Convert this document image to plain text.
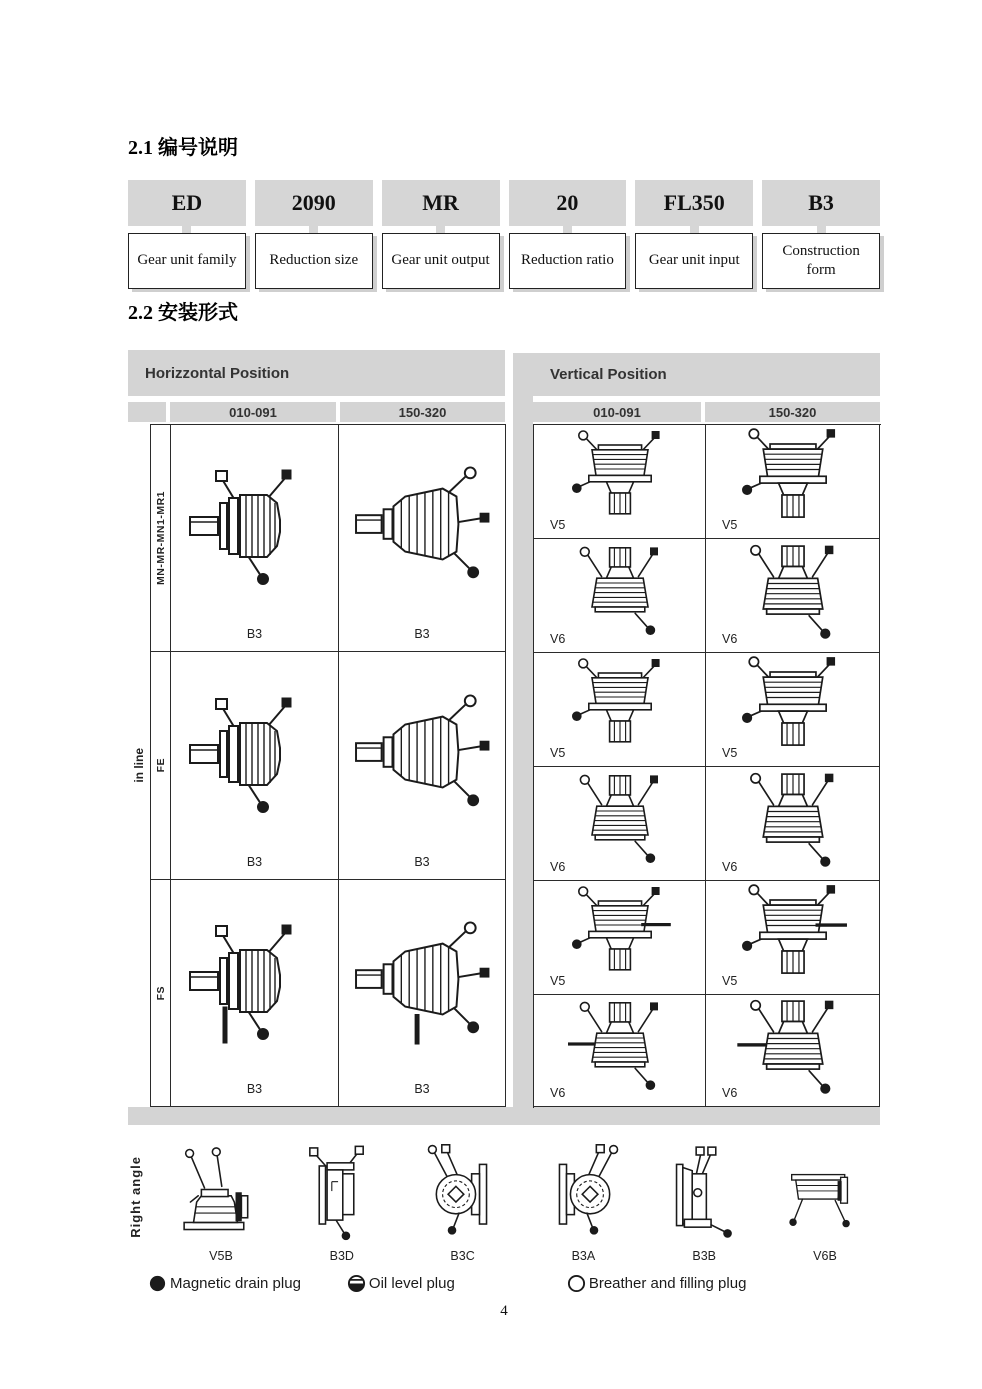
2.1 编号说明
ED
Gear unit family
2090
Reduction size
MR
Gear unit output
20
Reduction ratio
FL350
Gear unit input
B3
Construction form
2.2 安装形式
Horizzontal Position	Vertical Position
010-091	150-320	010-091	150-320
in line
MN-MR-MN1-MR1
B3	B3
FE
B3	B3
FS
B3	B3
V5	V5
V6	V6
V5	V5
V6	V6
V5	V5
V6	V6
Right angle
V5B	B3D	B3C	B3A	B3B	V6B
Magnetic drain plug	Oil level plug	Breather and filling plug
4
